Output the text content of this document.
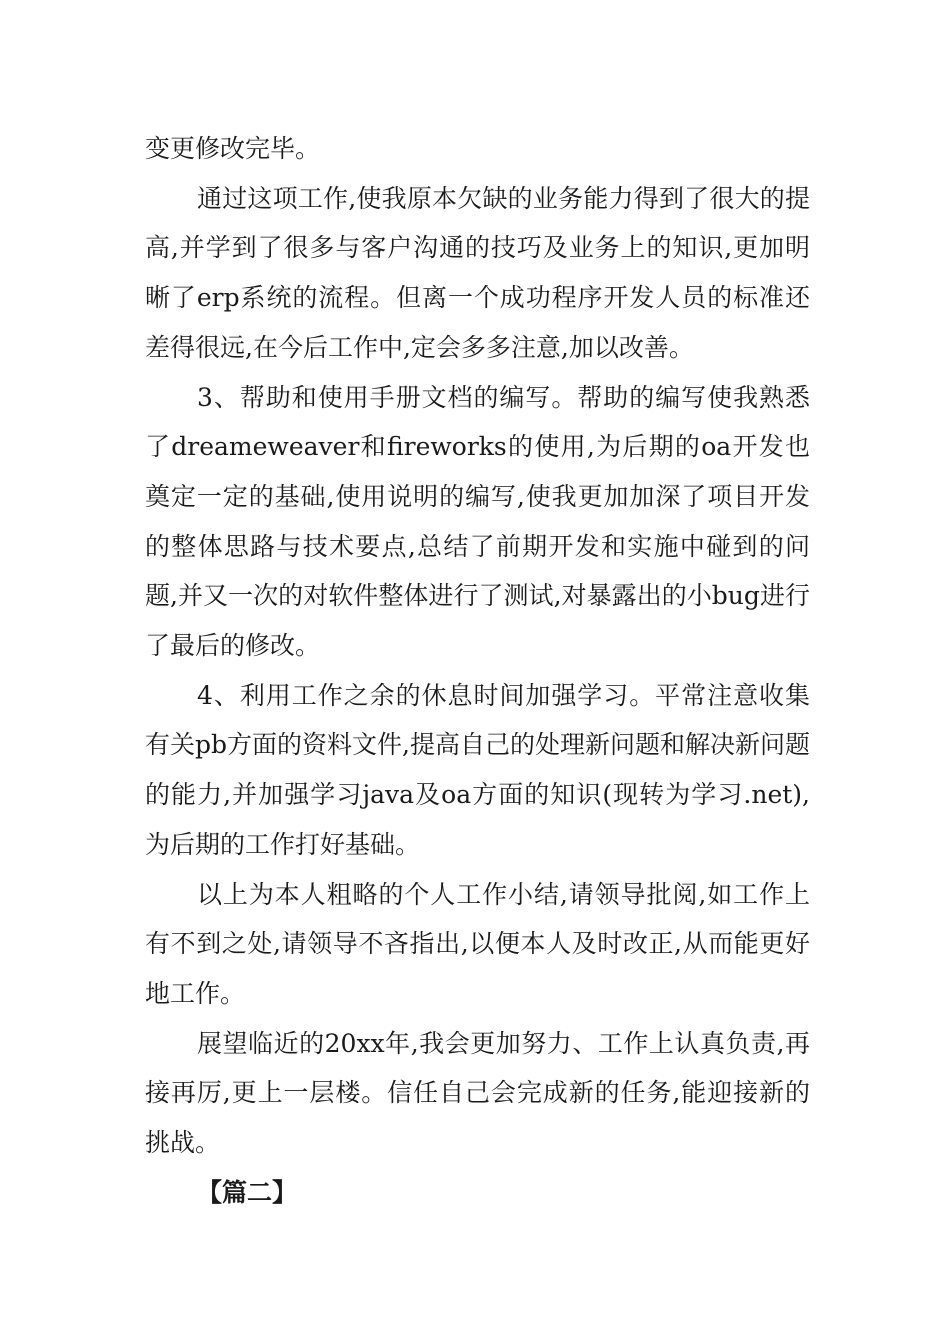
变更修改完毕。

通过这项工作,使我原本欠缺的业务能力得到了很大的提高,并学到了很多与客户沟通的技巧及业务上的知识,更加明晰了erp系统的流程。但离一个成功程序开发人员的标准还差得很远,在今后工作中,定会多多注意,加以改善。

3、帮助和使用手册文档的编写。帮助的编写使我熟悉了dreameweaver和fireworks的使用,为后期的oa开发也奠定一定的基础,使用说明的编写,使我更加加深了项目开发的整体思路与技术要点,总结了前期开发和实施中碰到的问题,并又一次的对软件整体进行了测试,对暴露出的小bug进行了最后的修改。

4、利用工作之余的休息时间加强学习。平常注意收集有关pb方面的资料文件,提高自己的处理新问题和解决新问题的能力,并加强学习java及oa方面的知识(现转为学习.net),为后期的工作打好基础。

以上为本人粗略的个人工作小结,请领导批阅,如工作上有不到之处,请领导不吝指出,以便本人及时改正,从而能更好地工作。

展望临近的20xx年,我会更加努力、工作上认真负责,再接再厉,更上一层楼。信任自己会完成新的任务,能迎接新的挑战。

【篇二】
